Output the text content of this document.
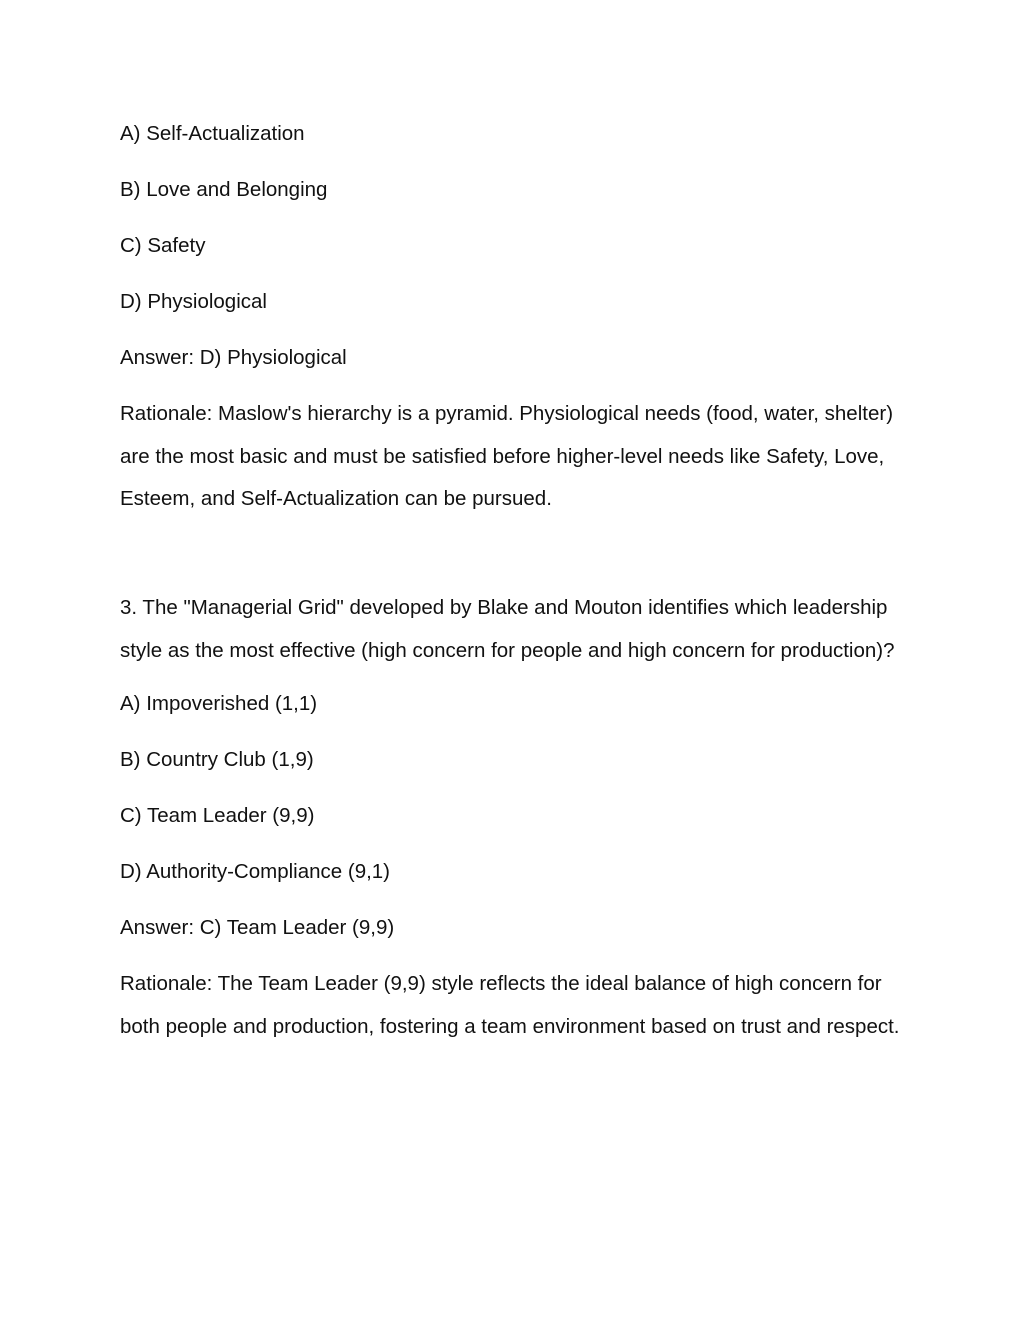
A) Self-Actualization
B) Love and Belonging
C) Safety
D) Physiological
Answer: D) Physiological
Rationale: Maslow's hierarchy is a pyramid. Physiological needs (food, water, shelter) are the most basic and must be satisfied before higher-level needs like Safety, Love, Esteem, and Self-Actualization can be pursued.
3. The "Managerial Grid" developed by Blake and Mouton identifies which leadership style as the most effective (high concern for people and high concern for production)?
A) Impoverished (1,1)
B) Country Club (1,9)
C) Team Leader (9,9)
D) Authority-Compliance (9,1)
Answer: C) Team Leader (9,9)
Rationale: The Team Leader (9,9) style reflects the ideal balance of high concern for both people and production, fostering a team environment based on trust and respect.
